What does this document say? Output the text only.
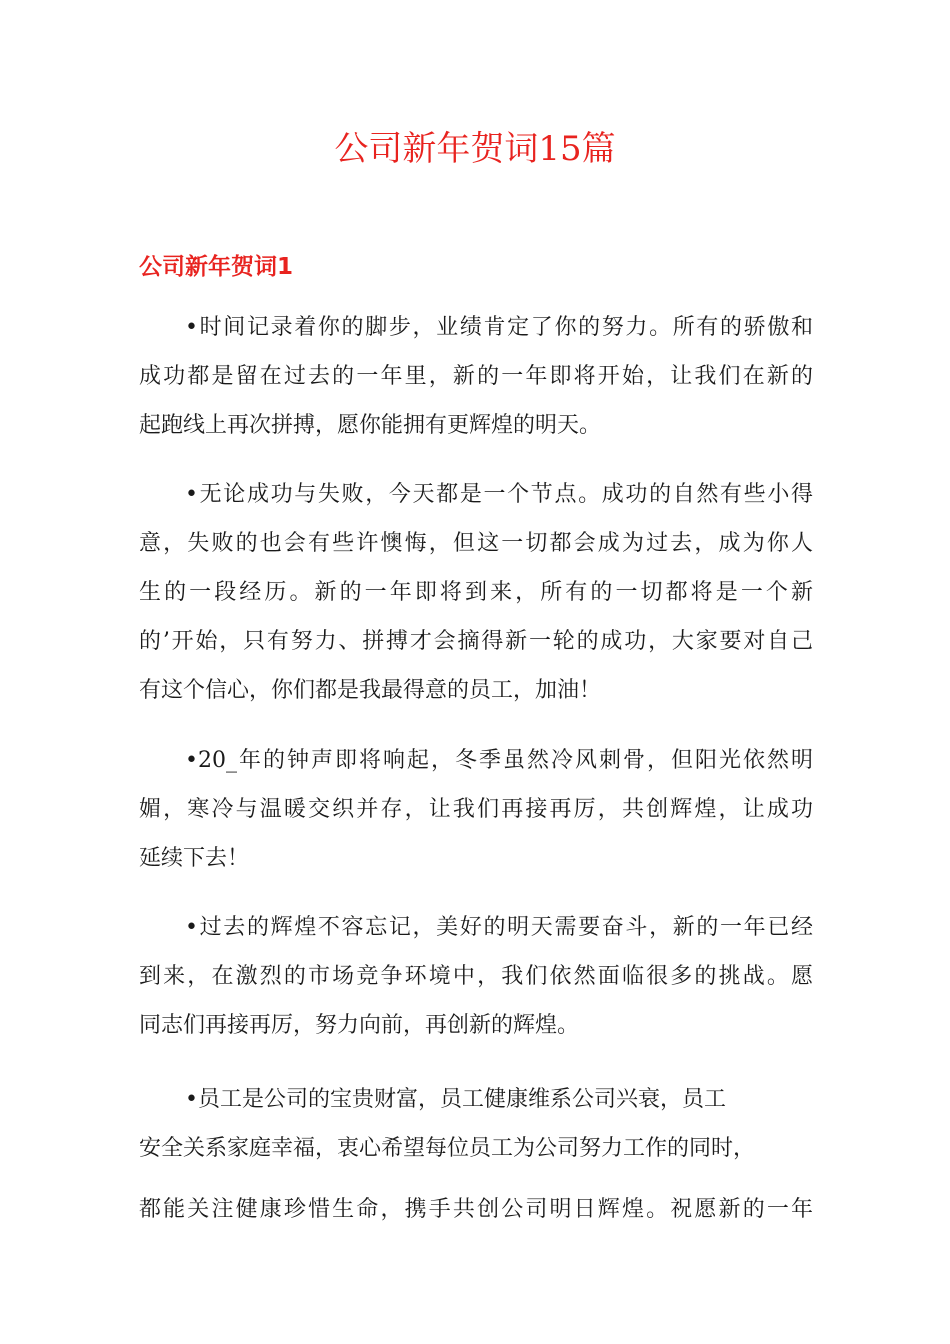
公司新年贺词15篇
公司新年贺词1
•时间记录着你的脚步，业绩肯定了你的努力。所有的骄傲和
成功都是留在过去的一年里，新的一年即将开始，让我们在新的
起跑线上再次拼搏，愿你能拥有更辉煌的明天。
•无论成功与失败，今天都是一个节点。成功的自然有些小得
意，失败的也会有些许懊悔，但这一切都会成为过去，成为你人
生的一段经历。新的一年即将到来，所有的一切都将是一个新
的’开始，只有努力、拼搏才会摘得新一轮的成功，大家要对自己
有这个信心，你们都是我最得意的员工，加油！
•20_年的钟声即将响起，冬季虽然冷风刺骨，但阳光依然明
媚，寒冷与温暖交织并存，让我们再接再厉，共创辉煌，让成功
延续下去！
•过去的辉煌不容忘记，美好的明天需要奋斗，新的一年已经
到来，在激烈的市场竞争环境中，我们依然面临很多的挑战。愿
同志们再接再厉，努力向前，再创新的辉煌。
•员工是公司的宝贵财富，员工健康维系公司兴衰，员工
安全关系家庭幸福，衷心希望每位员工为公司努力工作的同时，
都能关注健康珍惜生命，携手共创公司明日辉煌。祝愿新的一年
